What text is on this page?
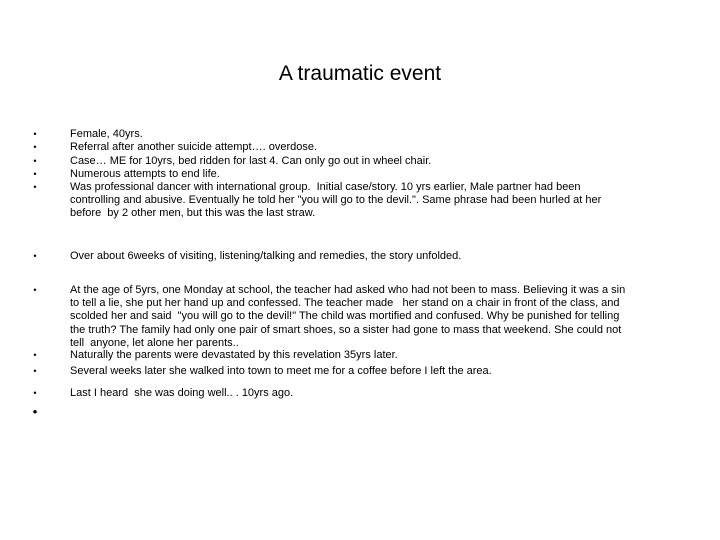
A traumatic event
•	Female, 40yrs.
•	Referral after another suicide attempt…. overdose.
•	Case… ME for 10yrs, bed ridden for last 4. Can only go out in wheel chair.
•	Numerous attempts to end life.
•	Was professional dancer with international group.  Initial case/story. 10 yrs earlier, Male partner had been
controlling and abusive. Eventually he told her "you will go to the devil.". Same phrase had been hurled at her
before  by 2 other men, but this was the last straw.
•	Over about 6weeks of visiting, listening/talking and remedies, the story unfolded.
•	At the age of 5yrs, one Monday at school, the teacher had asked who had not been to mass. Believing it was a sin
to tell a lie, she put her hand up and confessed. The teacher made   her stand on a chair in front of the class, and
scolded her and said  "you will go to the devil!" The child was mortified and confused. Why be punished for telling
the truth? The family had only one pair of smart shoes, so a sister had gone to mass that weekend. She could not
tell  anyone, let alone her parents..
•	Naturally the parents were devastated by this revelation 35yrs later.
•	Several weeks later she walked into town to meet me for a coffee before I left the area.
•	Last I heard  she was doing well.. . 10yrs ago.
•
